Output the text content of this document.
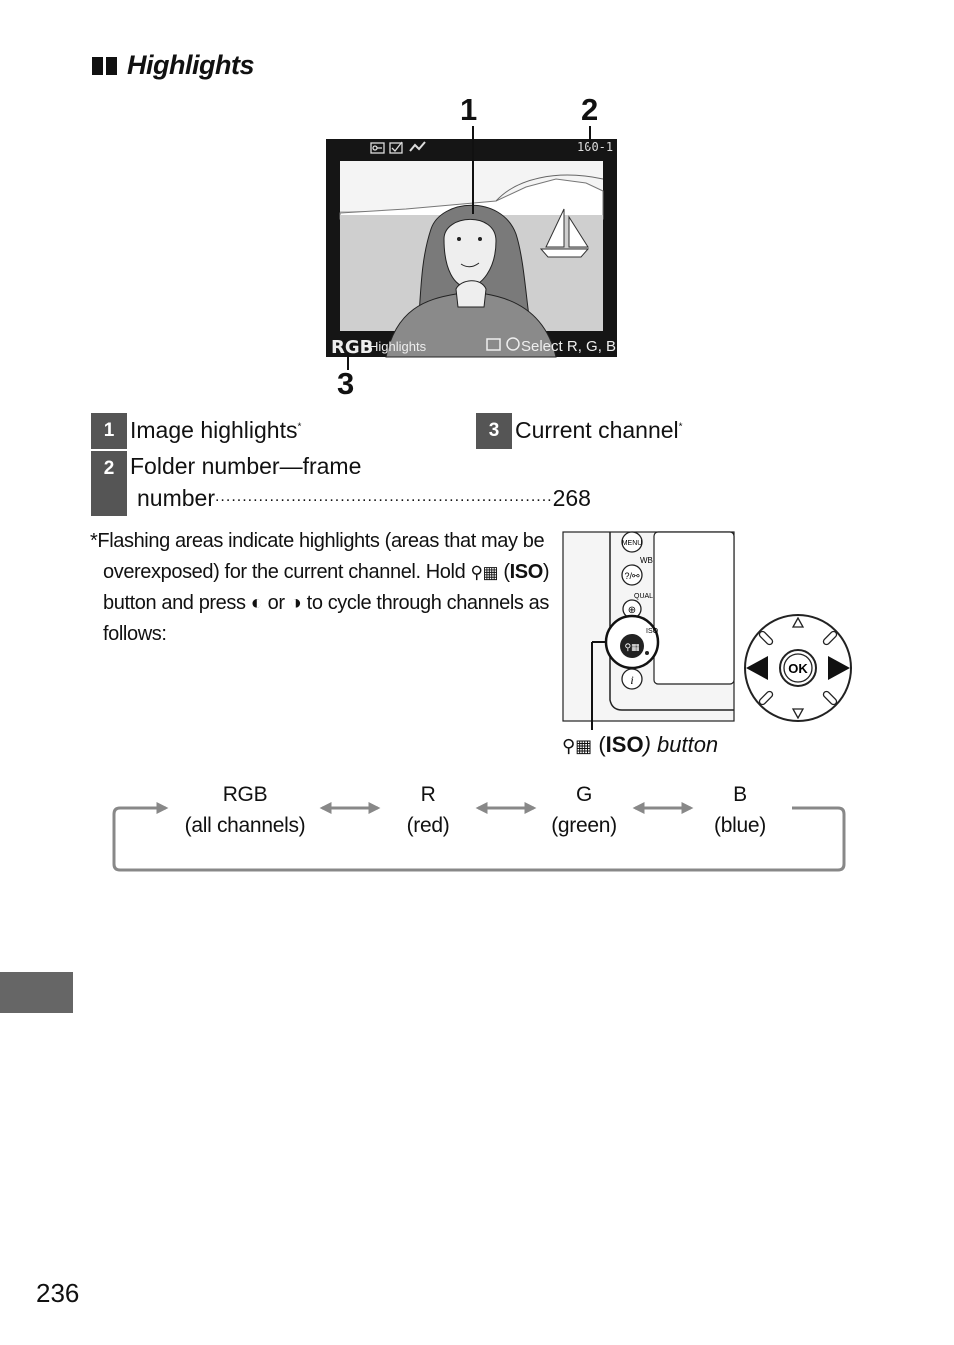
Highlights
1	2
3
100-1
RGB
Highlights	Select R, G, B
1 Image highlights*
2 Folder number—frame
number .............................................................. 268
3 Current channel*
*Flashing areas indicate highlights (areas that may be
overexposed) for the current channel. Hold ⚲▦ (ISO)
button and press ◐ or ◑ to cycle through channels as
follows:
MENU
WB
?/⚯
QUAL
⊕
ISO
⚲▦
i
OK
⚲▦ (ISO) button
RGB
(all channels)
R
(red)
G
(green)
B
(blue)
236
